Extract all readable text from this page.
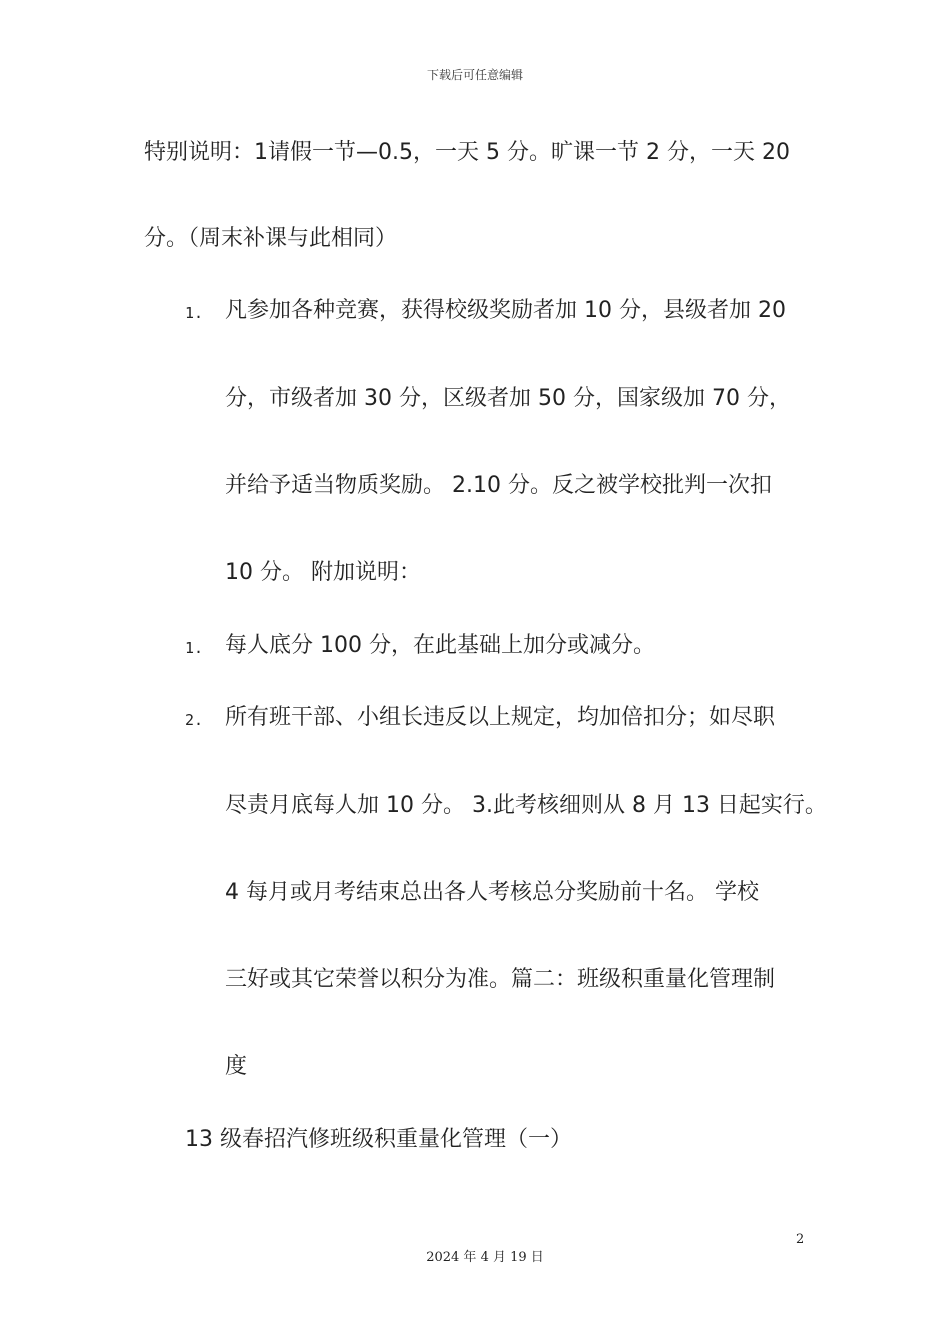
下载后可任意编辑
特别说明：1请假一节—0.5，一天 5 分。旷课一节 2 分，一天 20
分。（周末补课与此相同）
1. 凡参加各种竞赛，获得校级奖励者加 10 分，县级者加 20
分，市级者加 30 分，区级者加 50 分，国家级加 70 分，
并给予适当物质奖励。 2.10 分。反之被学校批判一次扣
10 分。 附加说明：
1. 每人底分 100 分，在此基础上加分或减分。
2. 所有班干部、小组长违反以上规定，均加倍扣分；如尽职
尽责月底每人加 10 分。 3.此考核细则从 8 月 13 日起实行。
4 每月或月考结束总出各人考核总分奖励前十名。 学校
三好或其它荣誉以积分为准。篇二：班级积重量化管理制
度
13 级春招汽修班级积重量化管理（一）
2
2024 年 4 月 19 日
